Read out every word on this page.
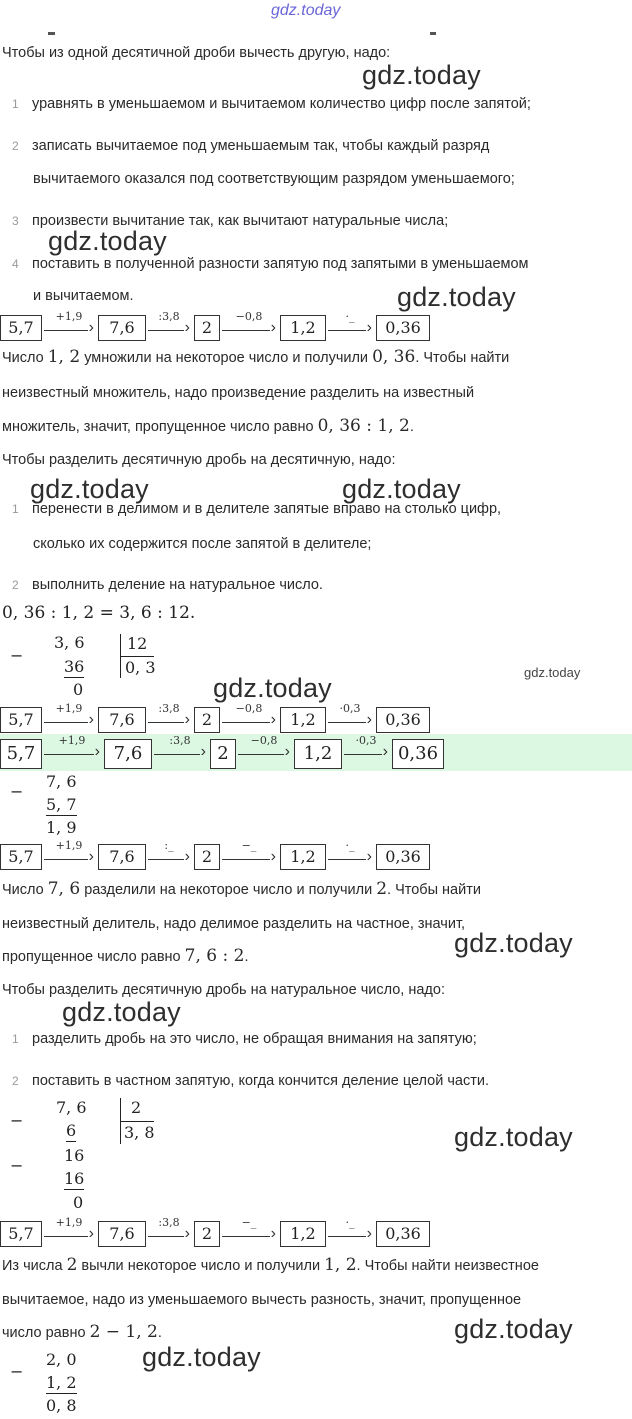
gdz.today
Чтобы из одной десятичной дроби вычесть другую, надо:
gdz.today
1 уравнять в уменьшаемом и вычитаемом количество цифр после запятой;
2 записать вычитаемое под уменьшаемым так, чтобы каждый разряд
вычитаемого оказался под соответствующим разрядом уменьшаемого;
3 произвести вычитание так, как вычитают натуральные числа;
gdz.today
4 поставить в полученной разности запятую под запятыми в уменьшаемом
и вычитаемом.	gdz.today
5,7
+1,9
› 7,6
:3,8
› 2
−0,8
› 1,2
·_
› 0,36
Число 1, 2 умножили на некоторое число и получили 0, 36. Чтобы найти
неизвестный множитель, надо произведение разделить на известный
множитель, значит, пропущенное число равно 0, 36 : 1, 2.
Чтобы разделить десятичную дробь на десятичную, надо:
gdz.today	gdz.today
1 перенести в делимом и в делителе запятые вправо на столько цифр,
сколько их содержится после запятой в делителе;
2 выполнить деление на натуральное число.
0, 36 : 1, 2 = 3, 6 : 12.
−
3, 6
36
0
12
0, 3	gdz.today
gdz.today
5,7
+1,9
› 7,6
:3,8
› 2
−0,8
› 1,2
·0,3
› 0,36
5,7
+1,9
› 7,6
:3,8
› 2
−0,8
› 1,2
·0,3
› 0,36
−
7, 6
5, 7
1, 9
5,7
+1,9
› 7,6
:_
› 2
−_
› 1,2
·_
› 0,36
Число 7, 6 разделили на некоторое число и получили 2. Чтобы найти
неизвестный делитель, надо делимое разделить на частное, значит,
gdz.today
пропущенное число равно 7, 6 : 2.
Чтобы разделить десятичную дробь на натуральное число, надо:
gdz.today
1 разделить дробь на это число, не обращая внимания на запятую;
2 поставить в частном запятую, когда кончится деление целой части.
−
7, 6
6
−
16
16
0
2
3, 8	gdz.today
5,7
+1,9
› 7,6
:3,8
› 2
−_
› 1,2
·_
› 0,36
Из числа 2 вычли некоторое число и получили 1, 2. Чтобы найти неизвестное
вычитаемое, надо из уменьшаемого вычесть разность, значит, пропущенное
число равно 2 − 1, 2.	gdz.today
gdz.today
−
2, 0
1, 2
0, 8
